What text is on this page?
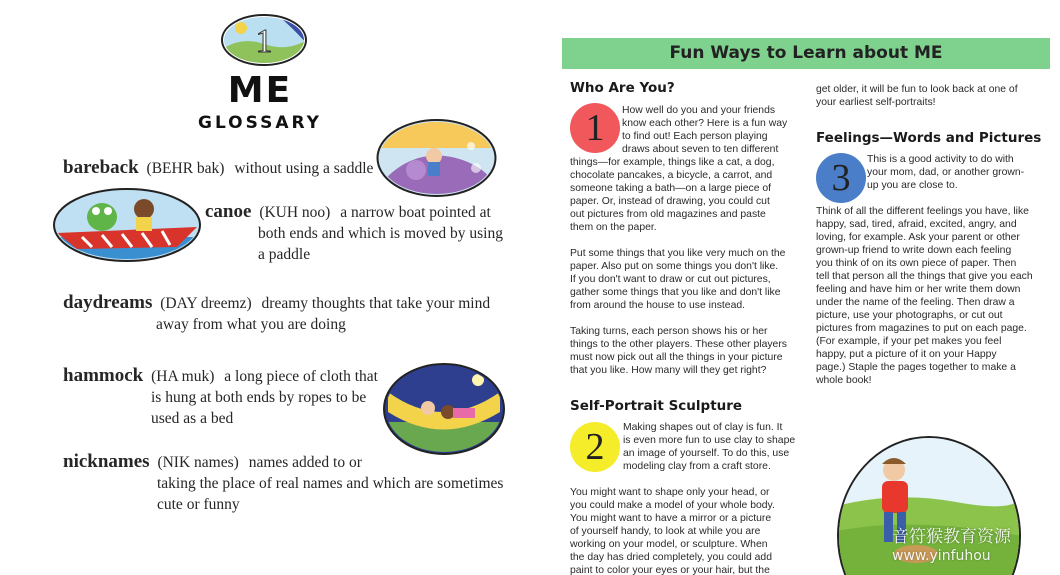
1
ME
GLOSSARY
bareback (BEHR bak) without using a saddle
canoe (KUH noo) a narrow boat pointed at
both ends and which is moved by using
a paddle
daydreams (DAY dreemz) dreamy thoughts that take your mind
away from what you are doing
hammock (HA muk) a long piece of cloth that
is hung at both ends by ropes to be
used as a bed
nicknames (NIK names) names added to or
taking the place of real names and which are sometimes
cute or funny
Fun Ways to Learn about ME
Who Are You?
1	How well do you and your friends
know each other? Here is a fun way
to find out! Each person playing
draws about seven to ten different
things—for example, things like a cat, a dog,
chocolate pancakes, a bicycle, a carrot, and
someone taking a bath—on a large piece of
paper. Or, instead of drawing, you could cut
out pictures from old magazines and paste
them on the paper.
Put some things that you like very much on the
paper. Also put on some things you don't like.
If you don't want to draw or cut out pictures,
gather some things that you like and don't like
from around the house to use instead.
Taking turns, each person shows his or her
things to the other players. These other players
must now pick out all the things in your picture
that you like. How many will they get right?
Self-Portrait Sculpture
2	Making shapes out of clay is fun. It
is even more fun to use clay to shape
an image of yourself. To do this, use
modeling clay from a craft store.
You might want to shape only your head, or
you could make a model of your whole body.
You might want to have a mirror or a picture
of yourself handy, to look at while you are
working on your model, or sculpture. When
the day has dried completely, you could add
paint to color your eyes or your hair, but the
get older, it will be fun to look back at one of
your earliest self-portraits!
Feelings—Words and Pictures
3	This is a good activity to do with
your mom, dad, or another grown-
up you are close to.
Think of all the different feelings you have, like
happy, sad, tired, afraid, excited, angry, and
loving, for example. Ask your parent or other
grown-up friend to write down each feeling
you think of on its own piece of paper. Then
tell that person all the things that give you each
feeling and have him or her write them down
under the name of the feeling. Then draw a
picture, use your photographs, or cut out
pictures from magazines to put on each page.
(For example, if your pet makes you feel
happy, put a picture of it on your Happy
page.) Staple the pages together to make a
whole book!
音符猴教育资源
www.yinfuhou
